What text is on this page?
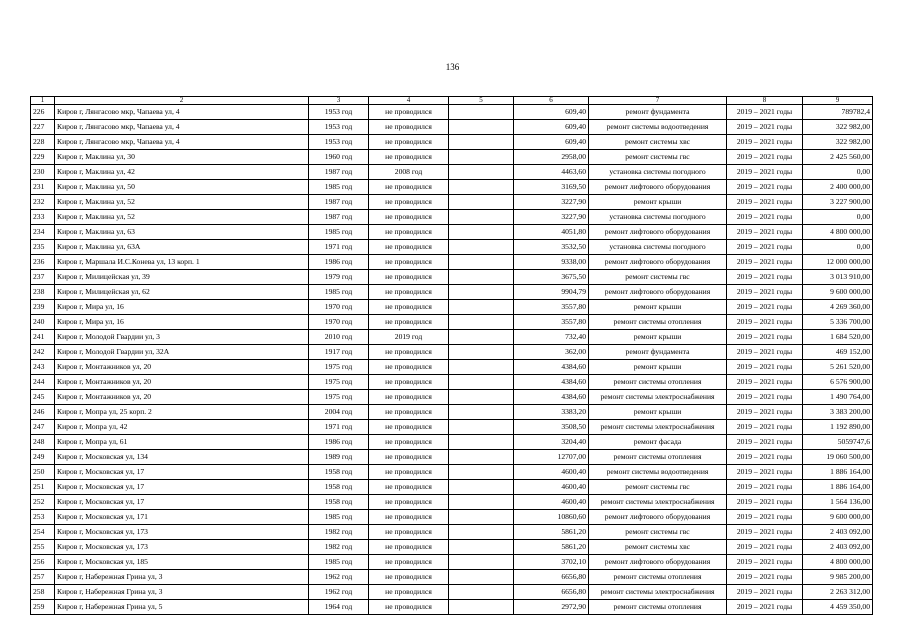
136
1	2	3	4	5	6	7	8	9
226	Киров г, Лянгасово мкр, Чапаева ул, 4	1953 год	не проводился		609,40	ремонт фундамента	2019 – 2021 годы	789782,4
227	Киров г, Лянгасово мкр, Чапаева ул, 4	1953 год	не проводился		609,40	ремонт системы водоотведения	2019 – 2021 годы	322 982,00
228	Киров г, Лянгасово мкр, Чапаева ул, 4	1953 год	не проводился		609,40	ремонт системы хвс	2019 – 2021 годы	322 982,00
229	Киров г, Маклина ул, 30	1960 год	не проводился		2958,00	ремонт системы гвс	2019 – 2021 годы	2 425 560,00
230	Киров г, Маклина ул, 42	1987 год	2008 год		4463,60	установка системы погодного	2019 – 2021 годы	0,00
231	Киров г, Маклина ул, 50	1985 год	не проводился		3169,50	ремонт лифтового оборудования	2019 – 2021 годы	2 400 000,00
232	Киров г, Маклина ул, 52	1987 год	не проводился		3227,90	ремонт крыши	2019 – 2021 годы	3 227 900,00
233	Киров г, Маклина ул, 52	1987 год	не проводился		3227,90	установка системы погодного	2019 – 2021 годы	0,00
234	Киров г, Маклина ул, 63	1985 год	не проводился		4051,80	ремонт лифтового оборудования	2019 – 2021 годы	4 800 000,00
235	Киров г, Маклина ул, 63А	1971 год	не проводился		3532,50	установка системы погодного	2019 – 2021 годы	0,00
236	Киров г, Маршала И.С.Конева ул, 13 корп. 1	1986 год	не проводился		9338,00	ремонт лифтового оборудования	2019 – 2021 годы	12 000 000,00
237	Киров г, Милицейская ул, 39	1979 год	не проводился		3675,50	ремонт системы гвс	2019 – 2021 годы	3 013 910,00
238	Киров г, Милицейская ул, 62	1985 год	не проводился		9904,79	ремонт лифтового оборудования	2019 – 2021 годы	9 600 000,00
239	Киров г, Мира ул, 16	1970 год	не проводился		3557,80	ремонт крыши	2019 – 2021 годы	4 269 360,00
240	Киров г, Мира ул, 16	1970 год	не проводился		3557,80	ремонт системы отопления	2019 – 2021 годы	5 336 700,00
241	Киров г, Молодой Гвардии ул, 3	2010 год	2019 год		732,40	ремонт крыши	2019 – 2021 годы	1 684 520,00
242	Киров г, Молодой Гвардии ул, 32А	1917 год	не проводился		362,00	ремонт фундамента	2019 – 2021 годы	469 152,00
243	Киров г, Монтажников ул, 20	1975 год	не проводился		4384,60	ремонт крыши	2019 – 2021 годы	5 261 520,00
244	Киров г, Монтажников ул, 20	1975 год	не проводился		4384,60	ремонт системы отопления	2019 – 2021 годы	6 576 900,00
245	Киров г, Монтажников ул, 20	1975 год	не проводился		4384,60	ремонт системы электроснабжения	2019 – 2021 годы	1 490 764,00
246	Киров г, Мопра ул, 25 корп. 2	2004 год	не проводился		3383,20	ремонт крыши	2019 – 2021 годы	3 383 200,00
247	Киров г, Мопра ул, 42	1971 год	не проводился		3508,50	ремонт системы электроснабжения	2019 – 2021 годы	1 192 890,00
248	Киров г, Мопра ул, 61	1986 год	не проводился		3204,40	ремонт фасада	2019 – 2021 годы	5059747,6
249	Киров г, Московская ул, 134	1989 год	не проводился		12707,00	ремонт системы отопления	2019 – 2021 годы	19 060 500,00
250	Киров г, Московская ул, 17	1958 год	не проводился		4600,40	ремонт системы водоотведения	2019 – 2021 годы	1 886 164,00
251	Киров г, Московская ул, 17	1958 год	не проводился		4600,40	ремонт системы гвс	2019 – 2021 годы	1 886 164,00
252	Киров г, Московская ул, 17	1958 год	не проводился		4600,40	ремонт системы электроснабжения	2019 – 2021 годы	1 564 136,00
253	Киров г, Московская ул, 171	1985 год	не проводился		10860,60	ремонт лифтового оборудования	2019 – 2021 годы	9 600 000,00
254	Киров г, Московская ул, 173	1982 год	не проводился		5861,20	ремонт системы гвс	2019 – 2021 годы	2 403 092,00
255	Киров г, Московская ул, 173	1982 год	не проводился		5861,20	ремонт системы хвс	2019 – 2021 годы	2 403 092,00
256	Киров г, Московская ул, 185	1985 год	не проводился		3702,10	ремонт лифтового оборудования	2019 – 2021 годы	4 800 000,00
257	Киров г, Набережная Грина ул, 3	1962 год	не проводился		6656,80	ремонт системы отопления	2019 – 2021 годы	9 985 200,00
258	Киров г, Набережная Грина ул, 3	1962 год	не проводился		6656,80	ремонт системы электроснабжения	2019 – 2021 годы	2 263 312,00
259	Киров г, Набережная Грина ул, 5	1964 год	не проводился		2972,90	ремонт системы отопления	2019 – 2021 годы	4 459 350,00
